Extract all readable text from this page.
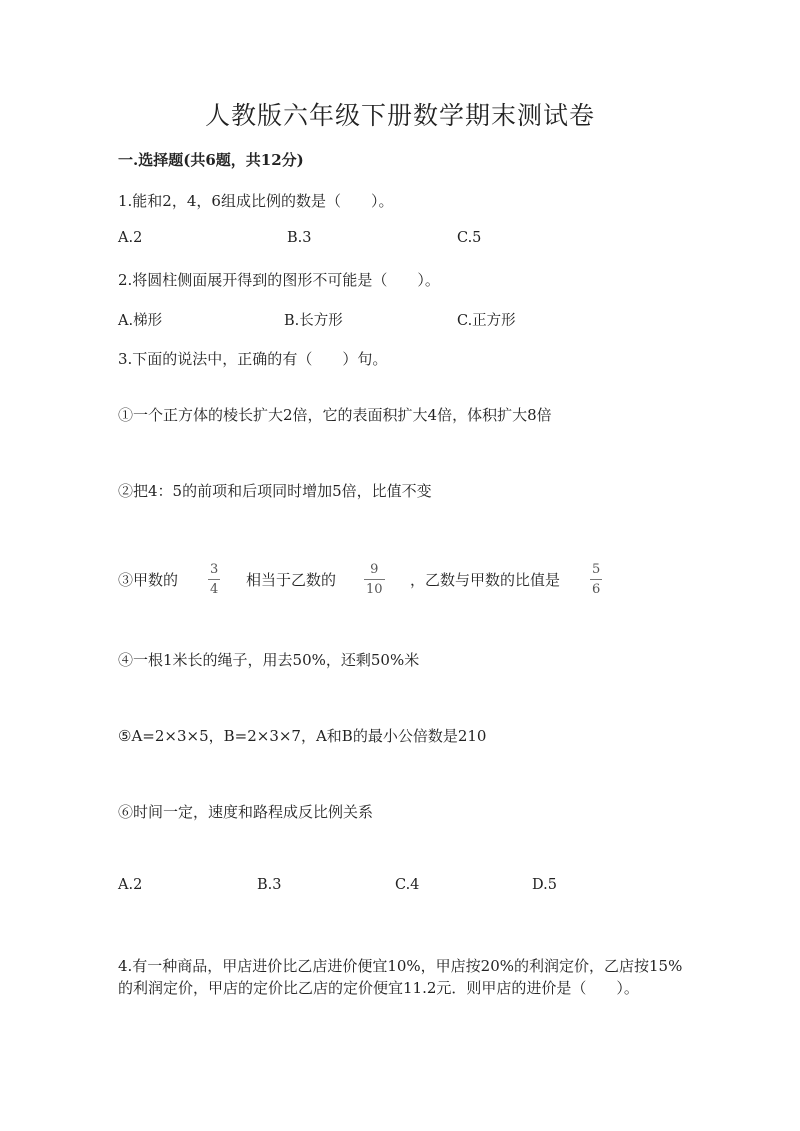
人教版六年级下册数学期末测试卷
一.选择题(共6题，共12分)
1.能和2，4，6组成比例的数是（　　）。
A.2	B.3	C.5
2.将圆柱侧面展开得到的图形不可能是（　　）。
A.梯形	B.长方形	C.正方形
3.下面的说法中，正确的有（　　）句。
①一个正方体的棱长扩大2倍，它的表面积扩大4倍，体积扩大8倍
②把4：5的前项和后项同时增加5倍，比值不变
③甲数的
3
4
相当于乙数的
9
10
，乙数与甲数的比值是
5
6
④一根1米长的绳子，用去50%，还剩50%米
⑤A=2×3×5，B=2×3×7，A和B的最小公倍数是210
⑥时间一定，速度和路程成反比例关系
A.2	B.3	C.4	D.5
4.有一种商品，甲店进价比乙店进价便宜10%，甲店按20%的利润定价，乙店按15%的利润定价，甲店的定价比乙店的定价便宜11.2元．则甲店的进价是（　　）。
